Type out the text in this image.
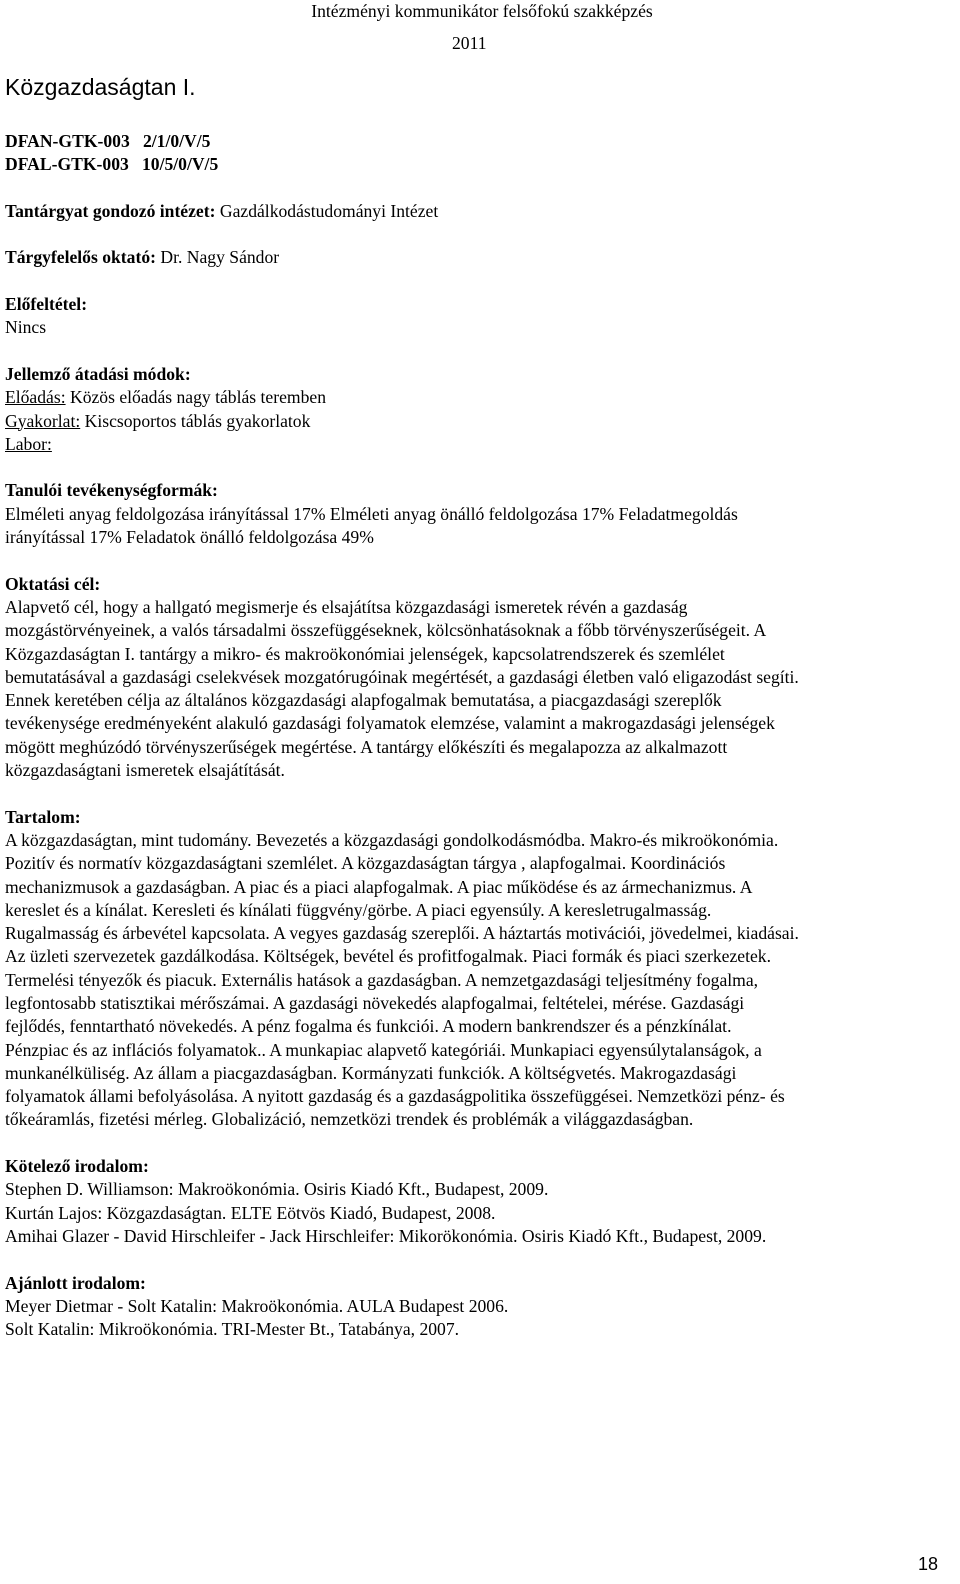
Intézményi kommunikátor felsőfokú szakképzés
2011
Közgazdaságtan I.
DFAN-GTK-003   2/1/0/V/5
DFAL-GTK-003   10/5/0/V/5
Tantárgyat gondozó intézet: Gazdálkodástudományi Intézet
Tárgyfelelős oktató: Dr. Nagy Sándor
Előfeltétel:
Nincs
Jellemző átadási módok:
Előadás: Közös előadás nagy táblás teremben
Gyakorlat: Kiscsoportos táblás gyakorlatok
Labor:
Tanulói tevékenységformák:
Elméleti anyag feldolgozása irányítással 17% Elméleti anyag önálló feldolgozása 17% Feladatmegoldás
irányítással 17% Feladatok önálló feldolgozása 49%
Oktatási cél:
Alapvető cél, hogy a hallgató megismerje és elsajátítsa közgazdasági ismeretek révén a gazdaság
mozgástörvényeinek, a valós társadalmi összefüggéseknek, kölcsönhatásoknak a főbb törvényszerűségeit. A
Közgazdaságtan I. tantárgy a mikro- és makroökonómiai jelenségek, kapcsolatrendszerek és szemlélet
bemutatásával a gazdasági cselekvések mozgatórugóinak megértését, a gazdasági életben való eligazodást segíti.
Ennek keretében célja az általános közgazdasági alapfogalmak bemutatása, a piacgazdasági szereplők
tevékenysége eredményeként alakuló gazdasági folyamatok elemzése, valamint a makrogazdasági jelenségek
mögött meghúzódó törvényszerűségek megértése. A tantárgy előkészíti és megalapozza az alkalmazott
közgazdaságtani ismeretek elsajátítását.
Tartalom:
A közgazdaságtan, mint tudomány. Bevezetés a közgazdasági gondolkodásmódba. Makro-és mikroökonómia.
Pozitív és normatív közgazdaságtani szemlélet. A közgazdaságtan tárgya , alapfogalmai. Koordinációs
mechanizmusok a gazdaságban. A piac és a piaci alapfogalmak. A piac működése és az ármechanizmus. A
kereslet és a kínálat. Keresleti és kínálati függvény/görbe. A piaci egyensúly. A keresletrugalmasság.
Rugalmasság és árbevétel kapcsolata. A vegyes gazdaság szereplői. A háztartás motivációi, jövedelmei, kiadásai.
Az üzleti szervezetek gazdálkodása. Költségek, bevétel és profitfogalmak. Piaci formák és piaci szerkezetek.
Termelési tényezők és piacuk. Externális hatások a gazdaságban. A nemzetgazdasági teljesítmény fogalma,
legfontosabb statisztikai mérőszámai. A gazdasági növekedés alapfogalmai, feltételei, mérése. Gazdasági
fejlődés, fenntartható növekedés. A pénz fogalma és funkciói. A modern bankrendszer és a pénzkínálat.
Pénzpiac és az inflációs folyamatok.. A munkapiac alapvető kategóriái. Munkapiaci egyensúlytalanságok, a
munkanélküliség. Az állam a piacgazdaságban. Kormányzati funkciók. A költségvetés. Makrogazdasági
folyamatok állami befolyásolása. A nyitott gazdaság és a gazdaságpolitika összefüggései. Nemzetközi pénz- és
tőkeáramlás, fizetési mérleg. Globalizáció, nemzetközi trendek és problémák a világgazdaságban.
Kötelező irodalom:
Stephen D. Williamson: Makroökonómia. Osiris Kiadó Kft., Budapest, 2009.
Kurtán Lajos: Közgazdaságtan. ELTE Eötvös Kiadó, Budapest, 2008.
Amihai Glazer - David Hirschleifer - Jack Hirschleifer: Mikorökonómia. Osiris Kiadó Kft., Budapest, 2009.
Ajánlott irodalom:
Meyer Dietmar - Solt Katalin: Makroökonómia. AULA Budapest 2006.
Solt Katalin: Mikroökonómia. TRI-Mester Bt., Tatabánya, 2007.
18
